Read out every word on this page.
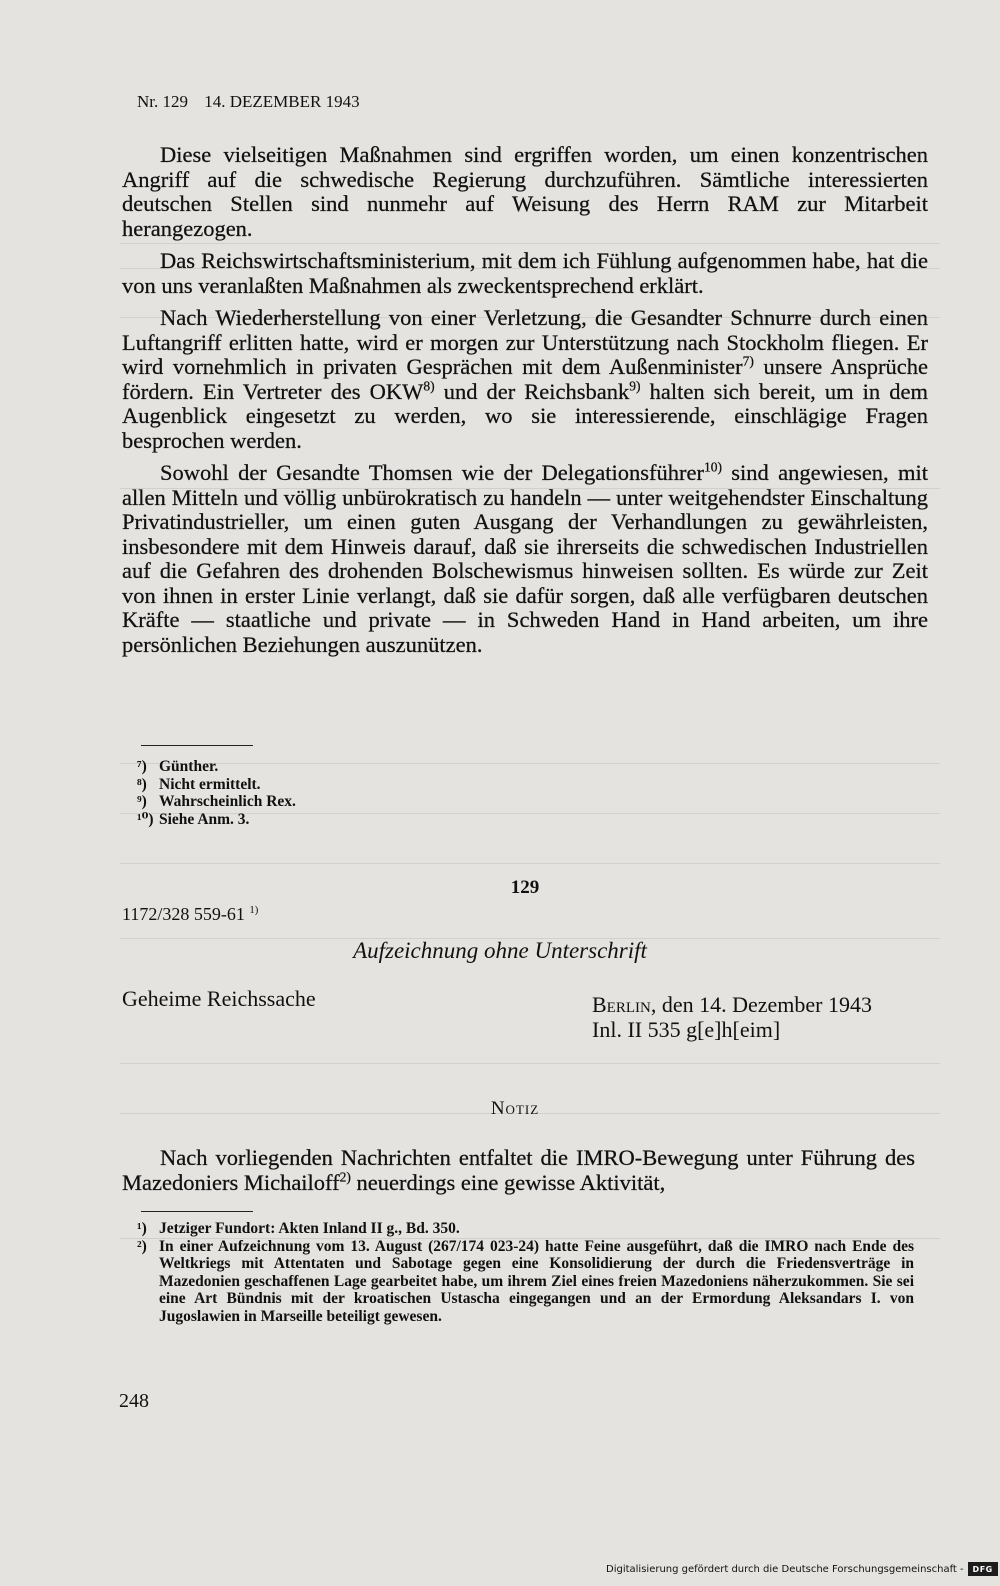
Nr. 129 14. DEZEMBER 1943

Diese vielseitigen Maßnahmen sind ergriffen worden, um einen konzentrischen Angriff auf die schwedische Regierung durchzuführen. Sämtliche interessierten deutschen Stellen sind nunmehr auf Weisung des Herrn RAM zur Mitarbeit herangezogen.

Das Reichswirtschaftsministerium, mit dem ich Fühlung aufgenommen habe, hat die von uns veranlaßten Maßnahmen als zweckentsprechend erklärt.

Nach Wiederherstellung von einer Verletzung, die Gesandter Schnurre durch einen Luftangriff erlitten hatte, wird er morgen zur Unterstützung nach Stockholm fliegen. Er wird vornehmlich in privaten Gesprächen mit dem Außenminister$^{7)}$ unsere Ansprüche fördern. Ein Vertreter des OKW$^{8)}$ und der Reichsbank$^{9)}$ halten sich bereit, um in dem Augenblick eingesetzt zu werden, wo sie interessierende, einschlägige Fragen besprochen werden.

Sowohl der Gesandte Thomsen wie der Delegationsführer$^{10)}$ sind angewiesen, mit allen Mitteln und völlig unbürokratisch zu handeln — unter weitgehendster Einschaltung Privatindustrieller, um einen guten Ausgang der Verhandlungen zu gewährleisten, insbesondere mit dem Hinweis darauf, daß sie ihrerseits die schwedischen Industriellen auf die Gefahren des drohenden Bolschewismus hinweisen sollten. Es würde zur Zeit von ihnen in erster Linie verlangt, daß sie dafür sorgen, daß alle verfügbaren deutschen Kräfte — staatliche und private — in Schweden Hand in Hand arbeiten, um ihre persönlichen Beziehungen auszunützen.

⁷) Günther.
⁸) Nicht ermittelt.
⁹) Wahrscheinlich Rex.
¹⁰) Siehe Anm. 3.
129
1172/328 559-61 $^{1)}$
Aufzeichnung ohne Unterschrift
Geheime Reichssache	Berlin, den 14. Dezember 1943
Inl. II 535 g[e]h[eim]
Notiz

Nach vorliegenden Nachrichten entfaltet die IMRO-Bewegung unter Führung des Mazedoniers Michailoff$^{2)}$ neuerdings eine gewisse Aktivität,

¹) Jetziger Fundort: Akten Inland II g., Bd. 350.
²) In einer Aufzeichnung vom 13. August (267/174 023-24) hatte Feine ausgeführt, daß die IMRO nach Ende des Weltkriegs mit Attentaten und Sabotage gegen eine Konsolidierung der durch die Friedensverträge in Mazedonien geschaffenen Lage gearbeitet habe, um ihrem Ziel eines freien Mazedoniens näherzukommen. Sie sei eine Art Bündnis mit der kroatischen Ustascha eingegangen und an der Ermordung Aleksandars I. von Jugoslawien in Marseille beteiligt gewesen.
248
Digitalisierung gefördert durch die Deutsche Forschungsgemeinschaft -	DFG
